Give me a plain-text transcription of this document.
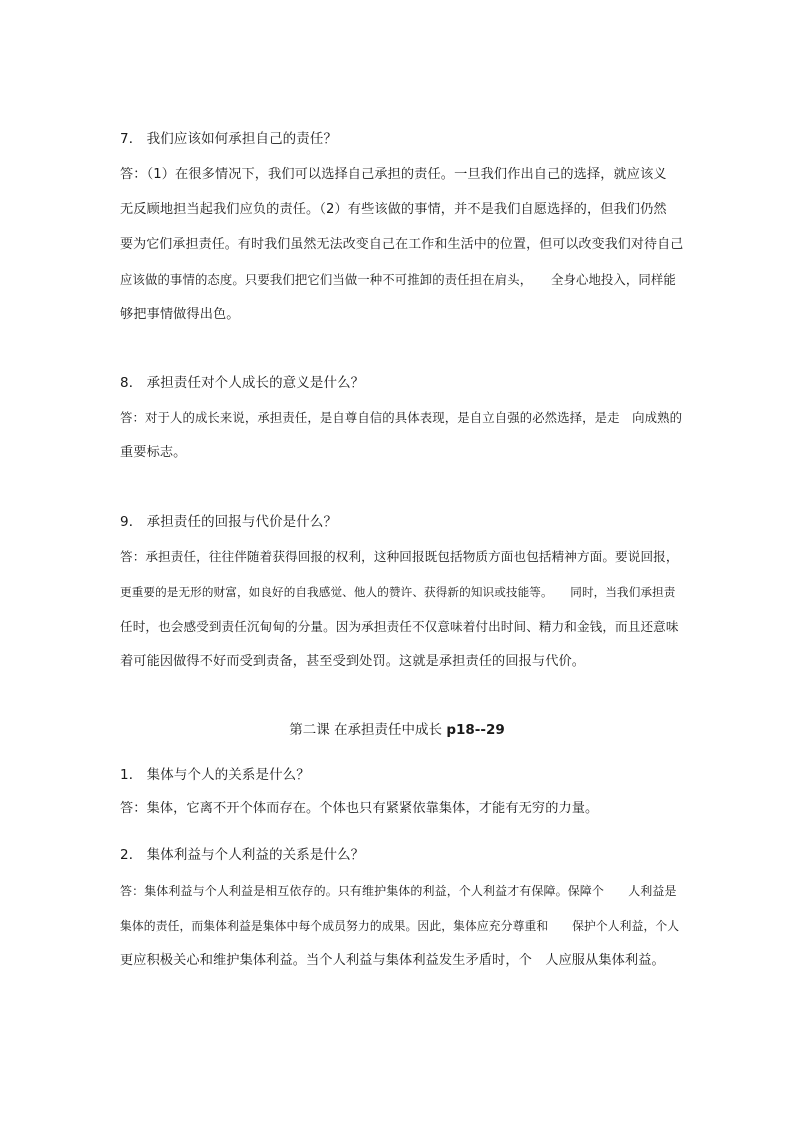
7． 我们应该如何承担自己的责任？
答：（1）在很多情况下，我们可以选择自己承担的责任。一旦我们作出自己的选择，就应该义
无反顾地担当起我们应负的责任。（2）有些该做的事情，并不是我们自愿选择的，但我们仍然
要为它们承担责任。有时我们虽然无法改变自己在工作和生活中的位置，但可以改变我们对待自己
应该做的事情的态度。只要我们把它们当做一种不可推卸的责任担在肩头，　　全身心地投入，同样能
够把事情做得出色。
8． 承担责任对个人成长的意义是什么？
答：对于人的成长来说，承担责任，是自尊自信的具体表现，是自立自强的必然选择，是走　向成熟的
重要标志。
9． 承担责任的回报与代价是什么？
答：承担责任，往往伴随着获得回报的权利，这种回报既包括物质方面也包括精神方面。要说回报，
更重要的是无形的财富，如良好的自我感觉、他人的赞许、获得新的知识或技能等。　　同时，当我们承担责
任时，也会感受到责任沉甸甸的分量。因为承担责任不仅意味着付出时间、精力和金钱，而且还意味
着可能因做得不好而受到责备，甚至受到处罚。这就是承担责任的回报与代价。
第二课 在承担责任中成长 p18--29
1． 集体与个人的关系是什么？
答：集体，它离不开个体而存在。个体也只有紧紧依靠集体，才能有无穷的力量。
2． 集体利益与个人利益的关系是什么？
答：集体利益与个人利益是相互依存的。只有维护集体的利益，个人利益才有保障。保障个　　人利益是
集体的责任，而集体利益是集体中每个成员努力的成果。因此，集体应充分尊重和　　保护个人利益，个人
更应积极关心和维护集体利益。当个人利益与集体利益发生矛盾时，个　人应服从集体利益。
